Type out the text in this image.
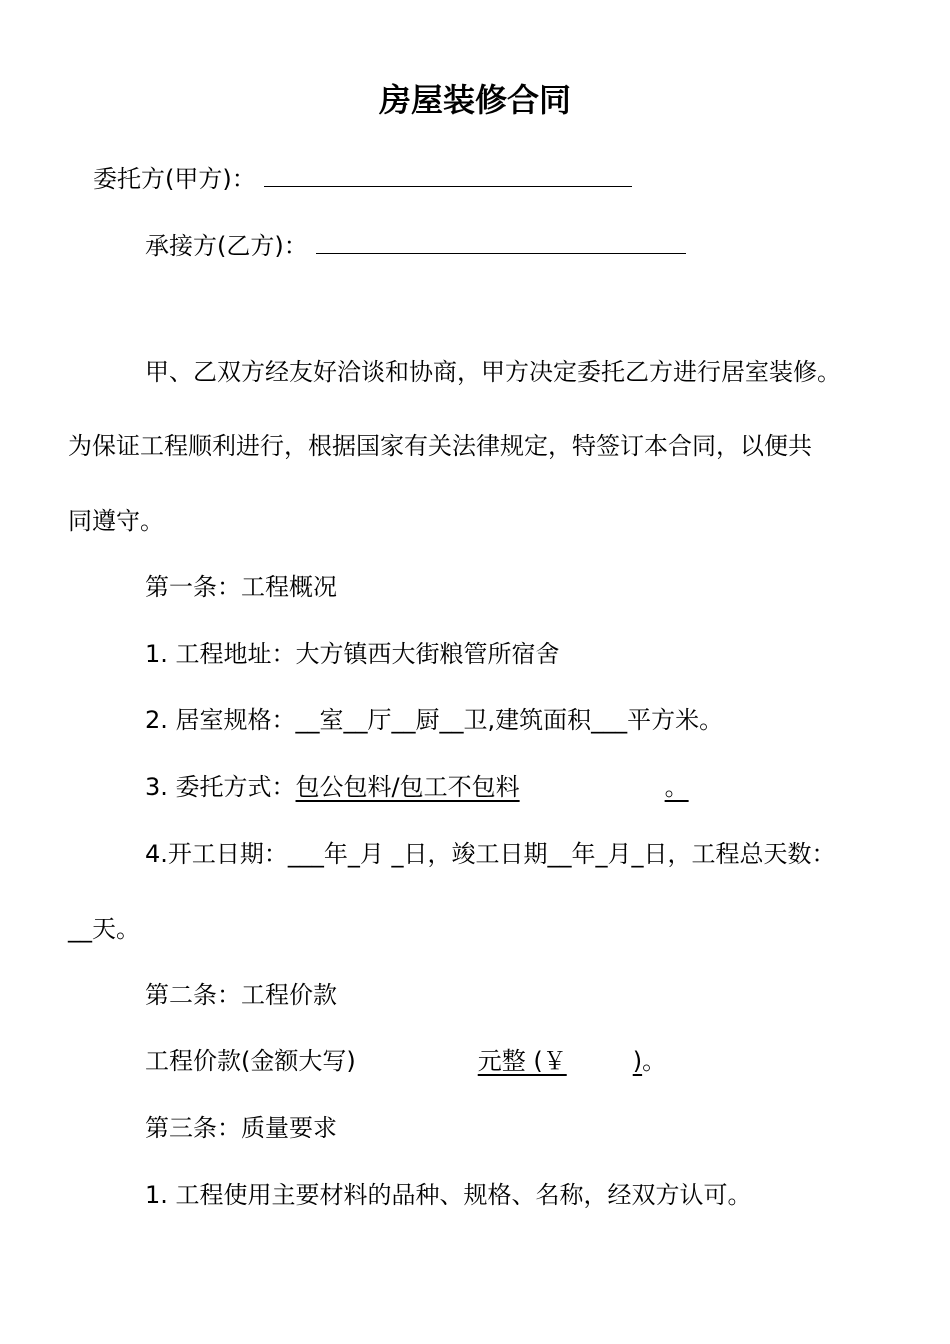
房屋装修合同
委托方(甲方)：
承接方(乙方)：
甲、乙双方经友好洽谈和协商，甲方决定委托乙方进行居室装修。
为保证工程顺利进行，根据国家有关法律规定，特签订本合同，以便共
同遵守。
第一条：工程概况
1. 工程地址：大方镇西大街粮管所宿舍
2. 居室规格：__室__厅__厨__卫,建筑面积___平方米。
3. 委托方式：包公包料/包工不包料	。
4.开工日期：___年_月 _日，竣工日期__年_月_日，工程总天数：
__天。
第二条：工程价款
工程价款(金额大写)	元整 (￥	)。
第三条：质量要求
1. 工程使用主要材料的品种、规格、名称，经双方认可。
